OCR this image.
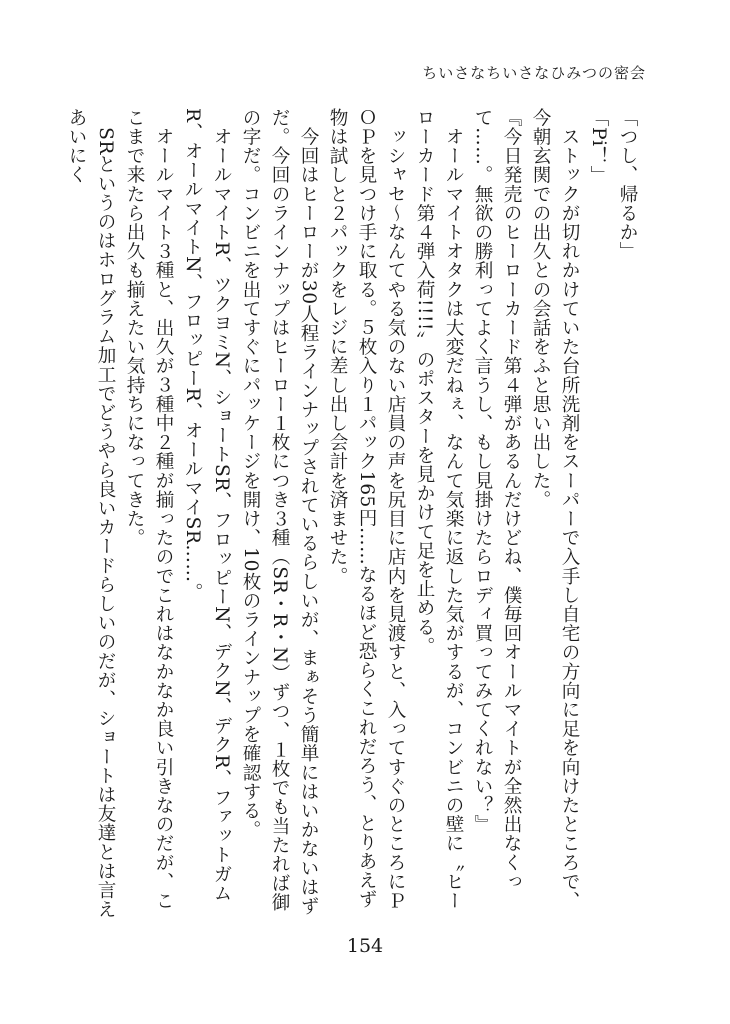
ちいさなちいさなひみつの密会
「つし、帰るか」
「Pi！」
　ストックが切れかけていた台所洗剤をスーパーで入手し自宅の方向に足を向けたところで、今朝玄関での出久との会話をふと思い出した。
『今日発売のヒーローカード第４弾があるんだけどね、僕毎回オールマイトが全然出なくって……。無欲の勝利ってよく言うし、もし見掛けたらロディ買ってみてくれない？』
　オールマイトオタクは大変だねぇ、なんて気楽に返した気がするが、コンビニの壁に〝ヒーローカード第４弾入荷!!!!〟のポスターを見かけて足を止める。
　ッシャセ〜なんてやる気のない店員の声を尻目に店内を見渡すと、入ってすぐのところにＰＯＰを見つけ手に取る。５枚入り１パック165円……なるほど恐らくこれだろう、とりあえず物は試しと２パックをレジに差し出し会計を済ませた。
　今回はヒーローが30人程ラインナップされているらしいが、まぁそう簡単にはいかないはずだ。今回のラインナップはヒーロー１枚につき３種（SR・R・N）ずつ、１枚でも当たれば御の字だ。コンビニを出てすぐにパッケージを開け、10枚のラインナップを確認する。
　オールマイトR、ツクヨミN、ショートSR、フロッピーN、デクN、デクR、ファットガムR、オールマイトN、フロッピーR、オールマイSR……。
　オールマイト３種と、出久が３種中２種が揃ったのでこれはなかなか良い引きなのだが、ここまで来たら出久も揃えたい気持ちになってきた。
　SRというのはホログラム加工でどうやら良いカードらしいのだが、ショートは友達とは言えあいにく
154
